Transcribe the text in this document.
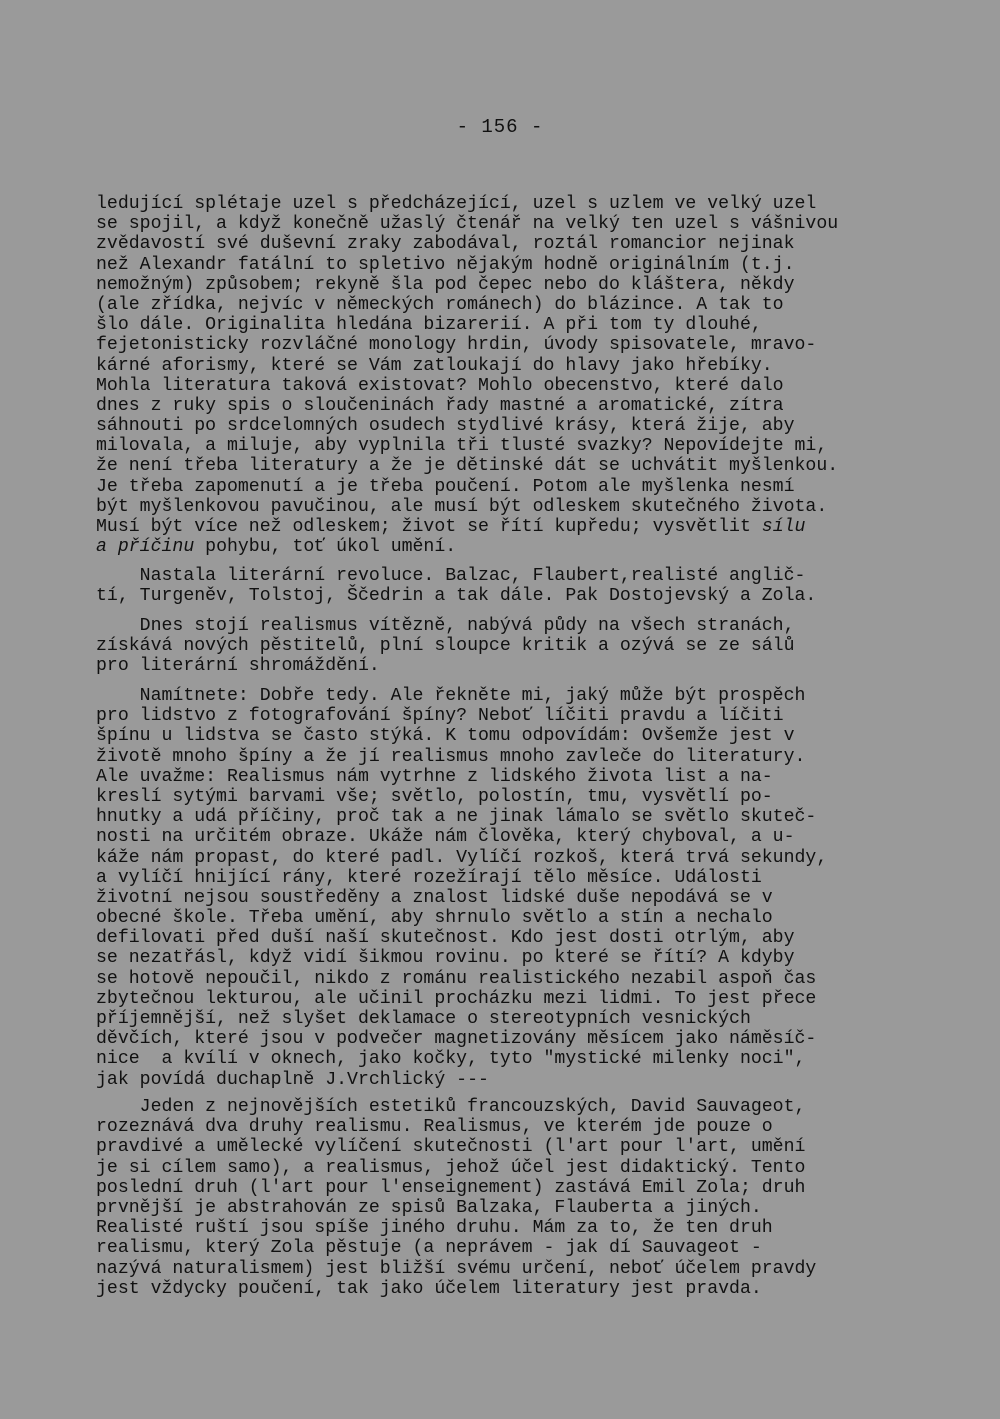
- 156 -
ledující splétaje uzel s předcházející, uzel s uzlem ve velký uzel
se spojil, a když konečně užaslý čtenář na velký ten uzel s vášnivou
zvědavostí své duševní zraky zabodával, roztál romancior nejinak
než Alexandr fatální to spletivo nějakým hodně originálním (t.j.
nemožným) způsobem; rekyně šla pod čepec nebo do kláštera, někdy
(ale zřídka, nejvíc v německých románech) do blázince. A tak to
šlo dále. Originalita hledána bizarerií. A při tom ty dlouhé,
fejetonisticky rozvláčné monology hrdin, úvody spisovatele, mravo-
kárné aforismy, které se Vám zatloukají do hlavy jako hřebíky.
Mohla literatura taková existovat? Mohlo obecenstvo, které dalo
dnes z ruky spis o sloučeninách řady mastné a aromatické, zítra
sáhnouti po srdcelomných osudech stydlivé krásy, která žije, aby
milovala, a miluje, aby vyplnila tři tlusté svazky? Nepovídejte mi,
že není třeba literatury a že je dětinské dát se uchvátit myšlenkou.
Je třeba zapomenutí a je třeba poučení. Potom ale myšlenka nesmí
být myšlenkovou pavučinou, ale musí být odleskem skutečného života.
Musí být více než odleskem; život se řítí kupředu; vysvětlit sílu
a příčinu pohybu, toť úkol umění.
Nastala literární revoluce. Balzac, Flaubert,realisté anglič-
tí, Turgeněv, Tolstoj, Ščedrin a tak dále. Pak Dostojevský a Zola.
Dnes stojí realismus vítězně, nabývá půdy na všech stranách,
získává nových pěstitelů, plní sloupce kritik a ozývá se ze sálů
pro literární shromáždění.
Namítnete: Dobře tedy. Ale řekněte mi, jaký může být prospěch
pro lidstvo z fotografování špíny? Neboť líčiti pravdu a líčiti
špínu u lidstva se často stýká. K tomu odpovídám: Ovšemže jest v
životě mnoho špíny a že jí realismus mnoho zavleče do literatury.
Ale uvažme: Realismus nám vytrhne z lidského života list a na-
kreslí sytými barvami vše; světlo, polostín, tmu, vysvětlí po-
hnutky a udá příčiny, proč tak a ne jinak lámalo se světlo skuteč-
nosti na určitém obraze. Ukáže nám člověka, který chyboval, a u-
káže nám propast, do které padl. Vylíčí rozkoš, která trvá sekundy,
a vylíčí hnijící rány, které rozežírají tělo měsíce. Události
životní nejsou soustředěny a znalost lidské duše nepodává se v
obecné škole. Třeba umění, aby shrnulo světlo a stín a nechalo
defilovati před duší naší skutečnost. Kdo jest dosti otrlým, aby
se nezatřásl, když vidí šikmou rovinu. po které se řítí? A kdyby
se hotově nepoučil, nikdo z románu realistického nezabil aspoň čas
zbytečnou lekturou, ale učinil procházku mezi lidmi. To jest přece
příjemnější, než slyšet deklamace o stereotypních vesnických
děvčích, které jsou v podvečer magnetizovány měsícem jako náměsíč-
nice  a kvílí v oknech, jako kočky, tyto "mystické milenky noci",
jak povídá duchaplně J.Vrchlický ---
Jeden z nejnovějších estetiků francouzských, David Sauvageot,
rozeznává dva druhy realismu. Realismus, ve kterém jde pouze o
pravdivé a umělecké vylíčení skutečnosti (l'art pour l'art, umění
je si cílem samo), a realismus, jehož účel jest didaktický. Tento
poslední druh (l'art pour l'enseignement) zastává Emil Zola; druh
prvnější je abstrahován ze spisů Balzaka, Flauberta a jiných.
Realisté ruští jsou spíše jiného druhu. Mám za to, že ten druh
realismu, který Zola pěstuje (a neprávem - jak dí Sauvageot -
nazývá naturalismem) jest bližší svému určení, neboť účelem pravdy
jest vždycky poučení, tak jako účelem literatury jest pravda.
